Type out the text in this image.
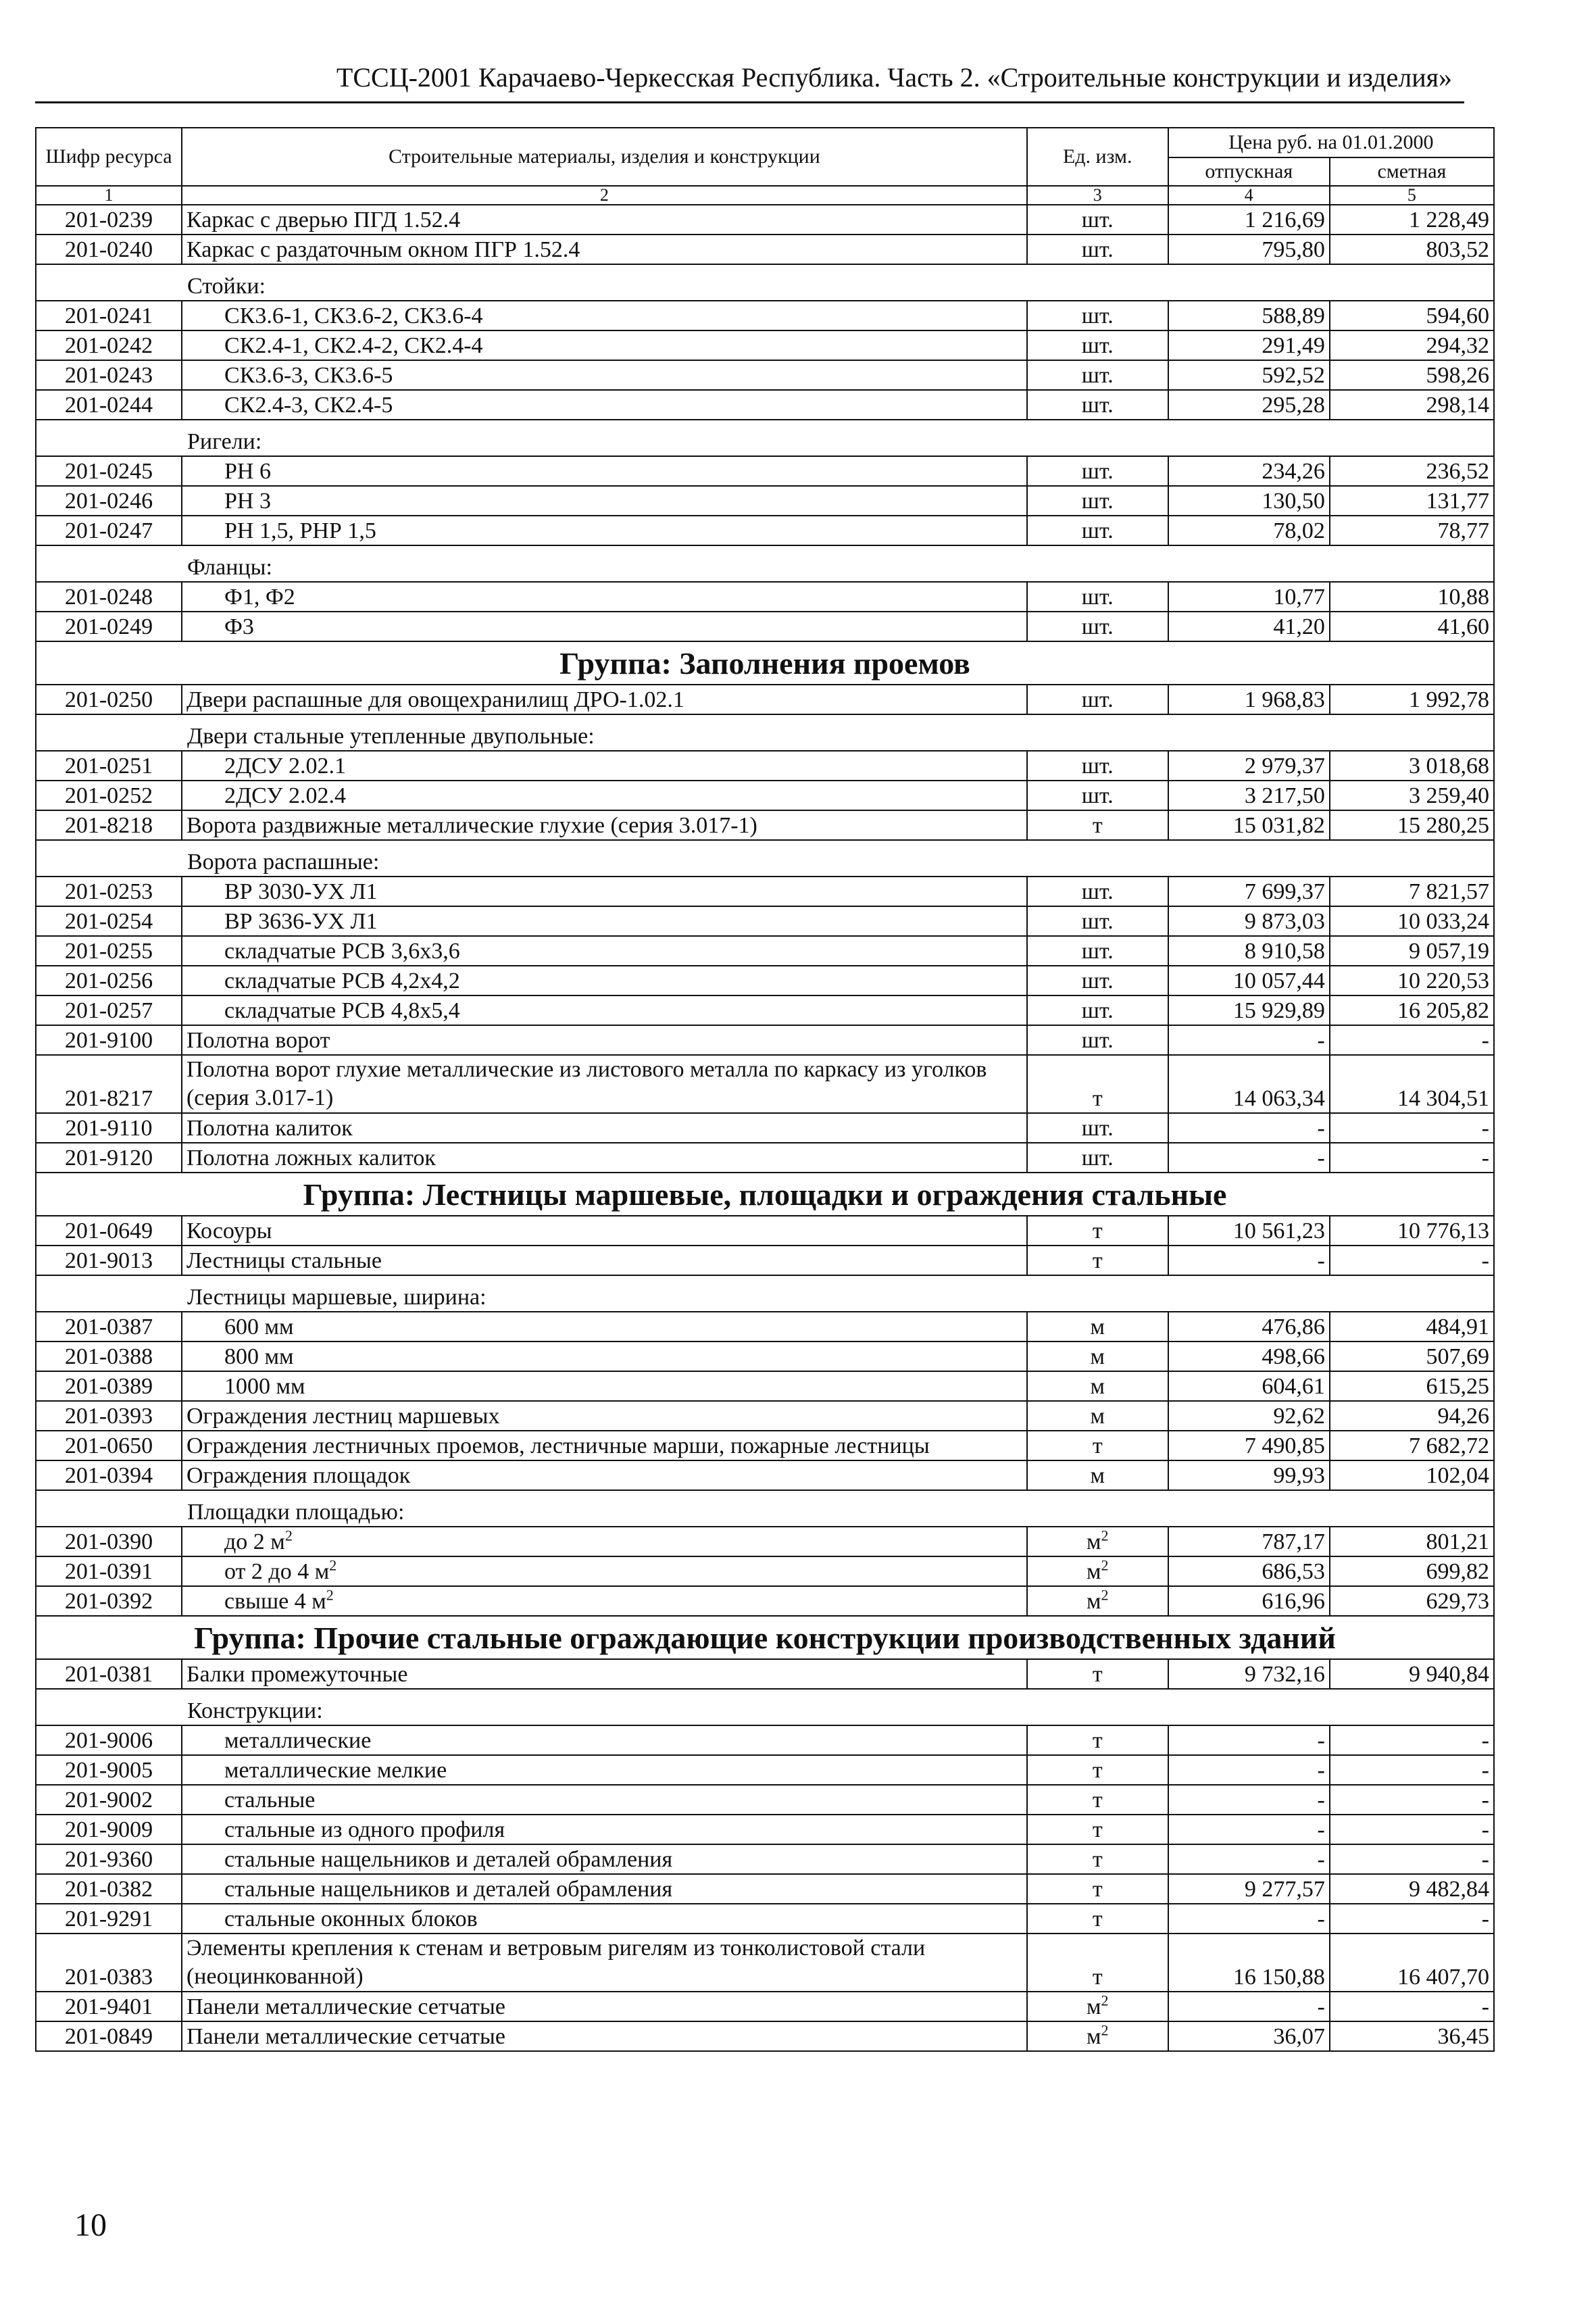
ТССЦ-2001 Карачаево-Черкесская Республика. Часть 2. «Строительные конструкции и изделия»
Шифр ресурса	Строительные материалы, изделия и конструкции	Ед. изм.	Цена руб. на 01.01.2000	
			отпускная	сметная
1	2	3	4	5
201-0239	Каркас с дверью ПГД 1.52.4	шт.	1 216,69	1 228,49
201-0240	Каркас с раздаточным окном ПГР 1.52.4	шт.	795,80	803,52
Стойки:				
201-0241	СК3.6-1, СК3.6-2, СК3.6-4	шт.	588,89	594,60
201-0242	СК2.4-1, СК2.4-2, СК2.4-4	шт.	291,49	294,32
201-0243	СК3.6-3, СК3.6-5	шт.	592,52	598,26
201-0244	СК2.4-3, СК2.4-5	шт.	295,28	298,14
Ригели:				
201-0245	РН 6	шт.	234,26	236,52
201-0246	РН 3	шт.	130,50	131,77
201-0247	РН 1,5, РНР 1,5	шт.	78,02	78,77
Фланцы:				
201-0248	Ф1, Ф2	шт.	10,77	10,88
201-0249	Ф3	шт.	41,20	41,60
Группа: Заполнения проемов				
201-0250	Двери распашные для овощехранилищ ДРО-1.02.1	шт.	1 968,83	1 992,78
Двери стальные утепленные двупольные:				
201-0251	2ДСУ 2.02.1	шт.	2 979,37	3 018,68
201-0252	2ДСУ 2.02.4	шт.	3 217,50	3 259,40
201-8218	Ворота раздвижные металлические глухие (серия 3.017-1)	т	15 031,82	15 280,25
Ворота распашные:				
201-0253	ВР 3030-УХ Л1	шт.	7 699,37	7 821,57
201-0254	ВР 3636-УХ Л1	шт.	9 873,03	10 033,24
201-0255	складчатые РСВ 3,6х3,6	шт.	8 910,58	9 057,19
201-0256	складчатые РСВ 4,2х4,2	шт.	10 057,44	10 220,53
201-0257	складчатые РСВ 4,8х5,4	шт.	15 929,89	16 205,82
201-9100	Полотна ворот	шт.	-	-
201-8217	Полотна ворот глухие металлические из листового металла по каркасу из уголков (серия 3.017-1)	т	14 063,34	14 304,51
201-9110	Полотна калиток	шт.	-	-
201-9120	Полотна ложных калиток	шт.	-	-
Группа: Лестницы маршевые, площадки и ограждения стальные				
201-0649	Косоуры	т	10 561,23	10 776,13
201-9013	Лестницы стальные	т	-	-
Лестницы маршевые, ширина:				
201-0387	600 мм	м	476,86	484,91
201-0388	800 мм	м	498,66	507,69
201-0389	1000 мм	м	604,61	615,25
201-0393	Ограждения лестниц маршевых	м	92,62	94,26
201-0650	Ограждения лестничных проемов, лестничные марши, пожарные лестницы	т	7 490,85	7 682,72
201-0394	Ограждения площадок	м	99,93	102,04
Площадки площадью:				
201-0390	до 2 $м^2$	$м^2$	787,17	801,21
201-0391	от 2 до 4 $м^2$	$м^2$	686,53	699,82
201-0392	свыше 4 $м^2$	$м^2$	616,96	629,73
Группа: Прочие стальные ограждающие конструкции производственных зданий				
201-0381	Балки промежуточные	т	9 732,16	9 940,84
Конструкции:				
201-9006	металлические	т	-	-
201-9005	металлические мелкие	т	-	-
201-9002	стальные	т	-	-
201-9009	стальные из одного профиля	т	-	-
201-9360	стальные нащельников и деталей обрамления	т	-	-
201-0382	стальные нащельников и деталей обрамления	т	9 277,57	9 482,84
201-9291	стальные оконных блоков	т	-	-
201-0383	Элементы крепления к стенам и ветровым ригелям из тонколистовой стали (неоцинкованной)	т	16 150,88	16 407,70
201-9401	Панели металлические сетчатые	$м^2$	-	-
201-0849	Панели металлические сетчатые	$м^2$	36,07	36,45
10
